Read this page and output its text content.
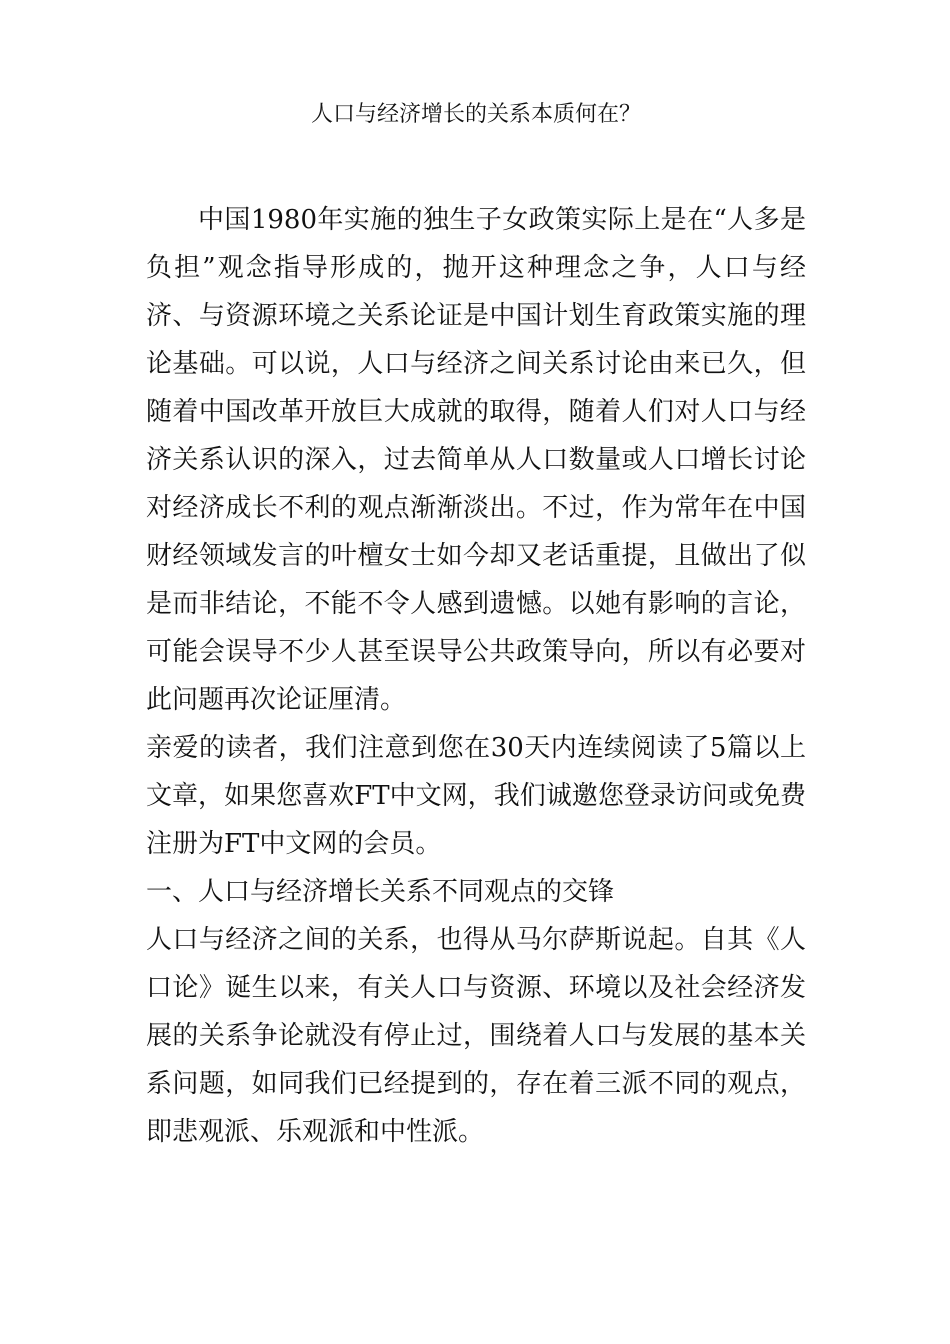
人口与经济增长的关系本质何在？

中国1980年实施的独生子女政策实际上是在“人多是负担”观念指导形成的，抛开这种理念之争，人口与经济、与资源环境之关系论证是中国计划生育政策实施的理论基础。可以说，人口与经济之间关系讨论由来已久，但随着中国改革开放巨大成就的取得，随着人们对人口与经济关系认识的深入，过去简单从人口数量或人口增长讨论对经济成长不利的观点渐渐淡出。不过，作为常年在中国财经领域发言的叶檀女士如今却又老话重提，且做出了似是而非结论，不能不令人感到遗憾。以她有影响的言论，可能会误导不少人甚至误导公共政策导向，所以有必要对此问题再次论证厘清。

亲爱的读者，我们注意到您在30天内连续阅读了5篇以上文章，如果您喜欢FT中文网，我们诚邀您登录访问或免费注册为FT中文网的会员。

一、人口与经济增长关系不同观点的交锋

人口与经济之间的关系，也得从马尔萨斯说起。自其《人口论》诞生以来，有关人口与资源、环境以及社会经济发展的关系争论就没有停止过，围绕着人口与发展的基本关系问题，如同我们已经提到的，存在着三派不同的观点，即悲观派、乐观派和中性派。
